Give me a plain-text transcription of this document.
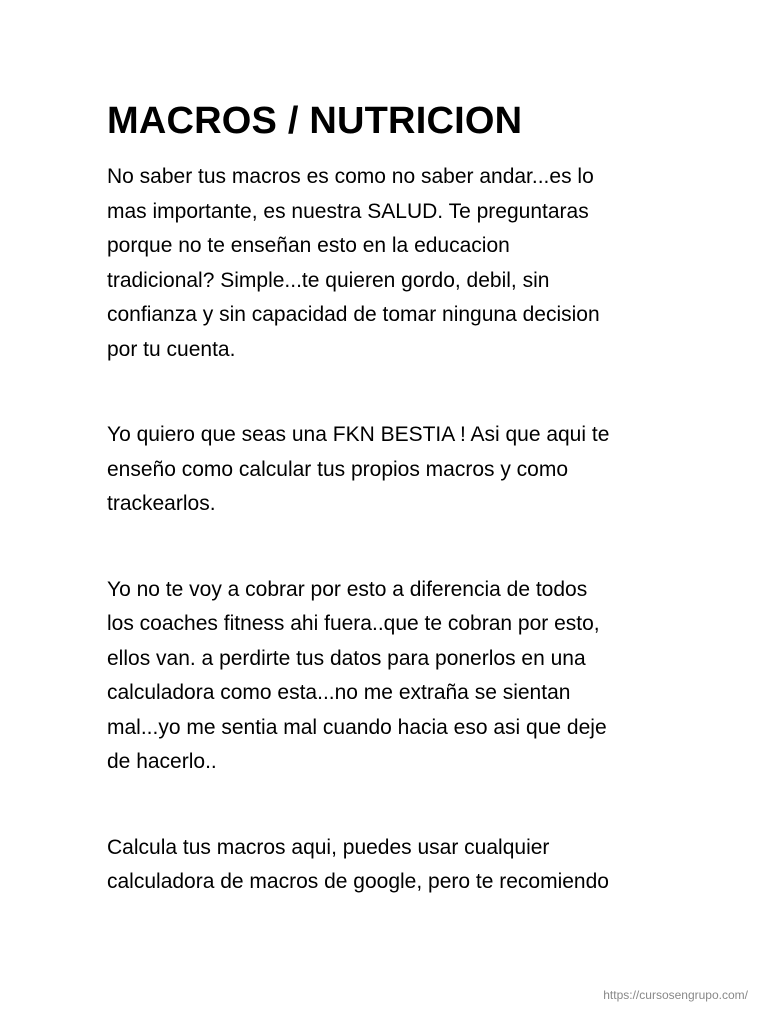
MACROS / NUTRICION

No saber tus macros es como no saber andar...es lo
mas importante, es nuestra SALUD. Te preguntaras
porque no te enseñan esto en la educacion
tradicional? Simple...te quieren gordo, debil, sin
confianza y sin capacidad de tomar ninguna decision
por tu cuenta.

Yo quiero que seas una FKN BESTIA ! Asi que aqui te
enseño como calcular tus propios macros y como
trackearlos.

Yo no te voy a cobrar por esto a diferencia de todos
los coaches fitness ahi fuera..que te cobran por esto,
ellos van. a perdirte tus datos para ponerlos en una
calculadora como esta...no me extraña se sientan
mal...yo me sentia mal cuando hacia eso asi que deje
de hacerlo..

Calcula tus macros aqui, puedes usar cualquier
calculadora de macros de google, pero te recomiendo

https://cursosengrupo.com/
